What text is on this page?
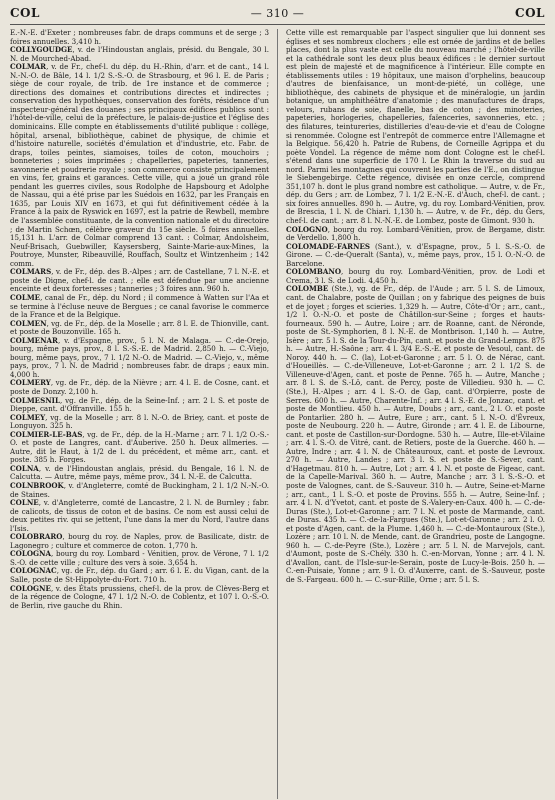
COL	— 310 —	COL

E.-N.-E. d'Exeter ; nombreuses fabr. de draps communs et de serge ; 3 foires annuelles. 3,410 h.

COLLYGOUDGE, v. de l'Hindoustan anglais, présid. du Bengale, 30 l. N. de Mourched-Abad.

COLMAR, v. de Fr., chef-l. du dép. du H.-Rhin, d'arr. et de cant., 14 l. N.-N.-O. de Bâle, 14 l. 1/2 S.-S.-O. de Strasbourg, et 96 l. E. de Paris ; siège de cour royale, de trib. de 1re instance et de commerce ; directions des domaines et contributions directes et indirectes ; conservation des hypothèques, conservation des forêts, résidence d'un inspecteur-général des douanes ; ses principaux édifices publics sont : l'hôtel-de-ville, celui de la préfecture, le palais-de-justice et l'église des dominicains. Elle compte en établissements d'utilité publique : collège, hôpital, arsenal, bibliothèque, cabinet de physique, de chimie et d'histoire naturelle, sociétés d'émulation et d'industrie, etc. Fabr. de draps, toiles peintes, siamoises, toiles de coton, mouchoirs ; bonneteries ; soies imprimées ; chapelleries, papeteries, tanneries, savonnerie et poudrerie royale ; son commerce consiste principalement en vins, fer, grains et garances. Cette ville, qui a joué un grand rôle pendant les guerres civiles, sous Rodolphe de Hapsbourg et Adolphe de Nassau, qui a été prise par les Suédois en 1632, par les Français en 1635, par Louis XIV en 1673, et qui fut définitivement cédée à la France à la paix de Ryswick en 1697, est la patrie de Rewbell, membre de l'assemblée constituante, de la convention nationale et du directoire ; de Martin Schœn, célèbre graveur du 15e siècle. 5 foires annuelles. 15,131 h. L'arr. de Colmar comprend 13 cant. : Colmar, Andolsheim, Neuf-Brisach, Guebwiller, Kaysersberg, Sainte-Marie-aux-Mines, la Poutroye, Munster, Ribeauvillé, Rouffach, Soultz et Wintzenheim ; 142 comm.

COLMARS, v. de Fr., dép. des B.-Alpes ; arr. de Castellane, 7 l. N.-E. et poste de Digne, chef-l. de cant. ; elle est défendue par une ancienne enceinte et deux forteresses ; tanneries ; 3 foires ann. 960 h.

COLME, canal de Fr., dép. du Nord ; il commence à Watten sur l'Aa et se termine à l'écluse neuve de Bergues ; ce canal favorise le commerce de la France et de la Belgique.

COLMEN, vg. de Fr., dép. de la Moselle ; arr. 8 l. E. de Thionville, cant. et poste de Bouzonville. 165 h.

COLMENAR, v. d'Espagne, prov., 5 l. N. de Malaga. — C.-de-Orejo, bourg, même pays, prov., 8 l. S.-S.-E. de Madrid. 2,850 h. — C.-Viejo, bourg, même pays, prov., 7 l. 1/2 N.-O. de Madrid. — C.-Viejo, v., même pays, prov., 7 l. N. de Madrid ; nombreuses fabr. de draps ; eaux min. 4,000 h.

COLMERY, vg. de Fr., dép. de la Nièvre ; arr. 4 l. E. de Cosne, cant. et poste de Donzy. 2,100 h.

COLMESNIL, vg. de Fr., dép. de la Seine-Inf. ; arr. 2 l. S. et poste de Dieppe, cant. d'Offranville. 155 h.

COLMEY, vg. de la Moselle ; arr. 8 l. N.-O. de Briey, cant. et poste de Longuyon. 325 h.

COLMIER-LE-BAS, vg. de Fr., dép. de la H.-Marne ; arr. 7 l. 1/2 O.-S.-O. et poste de Langres, cant. d'Auberive. 250 h. Deux allmeries. — Autre, dit le Haut, à 1/2 de l. du précédent, et même arr., cant. et poste. 385 h. Forges.

COLNA, v. de l'Hindoustan anglais, présid. du Bengale, 16 l. N. de Calcutta. — Autre, même pays, même prov., 34 l. N.-E. de Calcutta.

COLNBROOK, v. d'Angleterre, comté de Buckingham, 2 l. 1/2 N.-N.-O. de Staines.

COLNE, v. d'Angleterre, comté de Lancastre, 2 l. N. de Burnley ; fabr. de calicots, de tissus de coton et de basins. Ce nom est aussi celui de deux petites riv. qui se jettent, l'une dans la mer du Nord, l'autre dans l'Isis.

COLOBRARO, bourg du roy. de Naples, prov. de Basilicate, distr. de Lagonegro ; culture et commerce de coton. 1,770 h.

COLOGNA, bourg du roy. Lombard - Vénitien, prov. de Vérone, 7 l. 1/2 S.-O. de cette ville ; culture des vers à soie. 3,654 h.

COLOGNAC, vg. de Fr., dép. du Gard ; arr. 6 l. E. du Vigan, cant. de la Salle, poste de St-Hippolyte-du-Fort. 710 h.

COLOGNE, v. des États prussiens, chef-l. de la prov. de Clèves-Berg et de la régence de Cologne, 47 l. 1/2 N.-O. de Coblentz, et 107 l. O.-S.-O. de Berlin, rive gauche du Rhin.

Cette ville est remarquable par l'aspect singulier que lui donnent ses églises et ses nombreux clochers ; elle est ornée de jardins et de belles places, dont la plus vaste est celle du nouveau marché ; l'hôtel-de-ville et la cathédrale sont les deux plus beaux édifices : le dernier surtout est plein de majesté et de magnificence à l'intérieur. Elle compte en établissements utiles : 19 hôpitaux, une maison d'orphelins, beaucoup d'autres de bienfaisance, un mont-de-piété, un collège, une bibliothèque, des cabinets de physique et de minéralogie, un jardin botanique, un amphithéâtre d'anatomie ; des manufactures de draps, velours, rubans de soie, flanelle, bas de coton ; des minoteries, papeteries, horlogeries, chapelleries, faïenceries, savonneries, etc. ; des filatures, teintureries, distilleries d'eau-de-vie et d'eau de Cologne si renommée. Cologne est l'entrepôt de commerce entre l'Allemagne et la Belgique. 56,420 h. Patrie de Rubens, de Corneille Agrippa et du poète Vondel. La régence de même nom dont Cologne est le chef-l. s'étend dans une superficie de 170 l. Le Rhin la traverse du sud au nord. Parmi les montagnes qui couvrent les parties de l'E., on distingue le Siebengebirge. Cette régence, divisée en onze cercle, comprend 351,107 h. dont le plus grand nombre est catholique. — Autre, v. de Fr., dép. du Gers ; arr. de Lombez, 7 l. 1/2 E.-N.-E. d'Auch, chef-l. de cant. ; six foires annuelles. 890 h. — Autre, vg. du roy. Lombard-Vénitien, prov. de Brescia, 1 l. N. de Chiari. 1,130 h. — Autre, v. de Fr., dép. du Gers, chef-l. de cant. ; arr. 8 l. N.-N.-E. de Lombez, poste de Gimont. 930 h.

COLOGNO, bourg du roy. Lombard-Vénitien, prov. de Bergame, distr. de Verdello. 1,800 h.

COLOMADE-FARNES (Sant.), v. d'Espagne, prov., 5 l. S.-S.-O. de Girone. — C.-de-Queralt (Santa), v., même pays, prov., 15 l. O.-N.-O. de Barcelone.

COLOMBANO, bourg du roy. Lombard-Vénitien, prov. de Lodi et Crema, 3 l. S. de Lodi. 4,450 h.

COLOMBE (Ste.), vg. de Fr., dép. de l'Aude ; arr. 5 l. S. de Limoux, cant. de Chalabre, poste de Quillan ; on y fabrique des peignes de buis et de joyet ; forges et scieries. 1,329 h. — Autre, Côte-d'Or ; arr., cant., 1/2 l. O.-N.-O. et poste de Châtillon-sur-Seine ; forges et hauts-fourneaux. 590 h. — Autre, Loire ; arr. de Roanne, cant. de Néronde, poste de St.-Symphorien, 8 l. N.-E. de Montbrison. 1,140 h. — Autre, Isère ; arr. 5 l. S. de la Tour-du-Pin, cant. et poste du Grand-Lemps. 875 h. — Autre, H.-Saône ; arr. 4 l. 3/4 E.-S.-E. et poste de Vesoul, cant. de Noroy. 440 h. — C. (la), Lot-et-Garonne ; arr. 5 l. O. de Nérac, cant. d'Houeillès. — C.-de-Villeneuve, Lot-et-Garonne ; arr. 2 l. 1/2 S. de Villeneuve-d'Agen, cant. et poste de Penne. 765 h. — Autre, Manche ; arr. 8 l. S. de S.-Lô, cant. de Percy, poste de Villedieu. 930 h. — C. (Ste.), H.-Alpes ; arr. 4 l. S.-O. de Gap, cant. d'Orpierre, poste de Serres. 600 h. — Autre, Charente-Inf. ; arr. 4 l. S.-E. de Jonzac, cant. et poste de Montlieu. 450 h. — Autre, Doubs ; arr., cant., 2 l. O. et poste de Pontarlier. 280 h. — Autre, Eure ; arr., cant. 5 l. N.-O. d'Évreux, poste de Neubourg. 220 h. — Autre, Gironde ; arr. 4 l. E. de Libourne, cant. et poste de Castillon-sur-Dordogne. 530 h. — Autre, Ille-et-Vilaine ; arr. 4 l. S.-O. de Vitré, cant. de Retiers, poste de la Guerche. 460 h. — Autre, Indre ; arr. 4 l. N. de Châteauroux, cant. et poste de Levroux. 270 h. — Autre, Landes ; arr. 3 l. S. et poste de S.-Sever, cant. d'Hagetmau. 810 h. — Autre, Lot ; arr. 4 l. N. et poste de Figeac, cant. de la Capelle-Marival. 360 h. — Autre, Manche ; arr. 3 l. S.-S.-O. et poste de Valognes, cant. de S.-Sauveur. 310 h. — Autre, Seine-et-Marne ; arr., cant., 1 l. S.-O. et poste de Provins. 555 h. — Autre, Seine-Inf. ; arr. 4 l. N. d'Yvetot, cant. et poste de S.-Valery-en-Caux. 400 h. — C.-de-Duras (Ste.), Lot-et-Garonne ; arr. 7 l. N. et poste de Marmande, cant. de Duras. 435 h. — C.-de-la-Fargues (Ste.), Lot-et-Garonne ; arr. 2 l. O. et poste d'Agen, cant. de la Plume. 1,460 h. — C.-de-Montauroux (Ste.), Lozère ; arr. 10 l. N. de Mende, cant. de Grandrieu, poste de Langogne. 960 h. — C.-de-Peyre (Ste.), Lozère ; arr. 5 l. N. de Marvejols, cant. d'Aumont, poste de S.-Chély. 330 h. C.-en-Morvan, Yonne ; arr. 4 l. N. d'Avallon, cant. de l'Isle-sur-le-Serain, poste de Lucy-le-Bois. 250 h. — C.-en-Puisaie, Yonne ; arr. 9 l. O. d'Auxerre, cant. de S.-Sauveur, poste de S.-Fargeau. 600 h. — C.-sur-Rille, Orne ; arr. 5 l. S.
